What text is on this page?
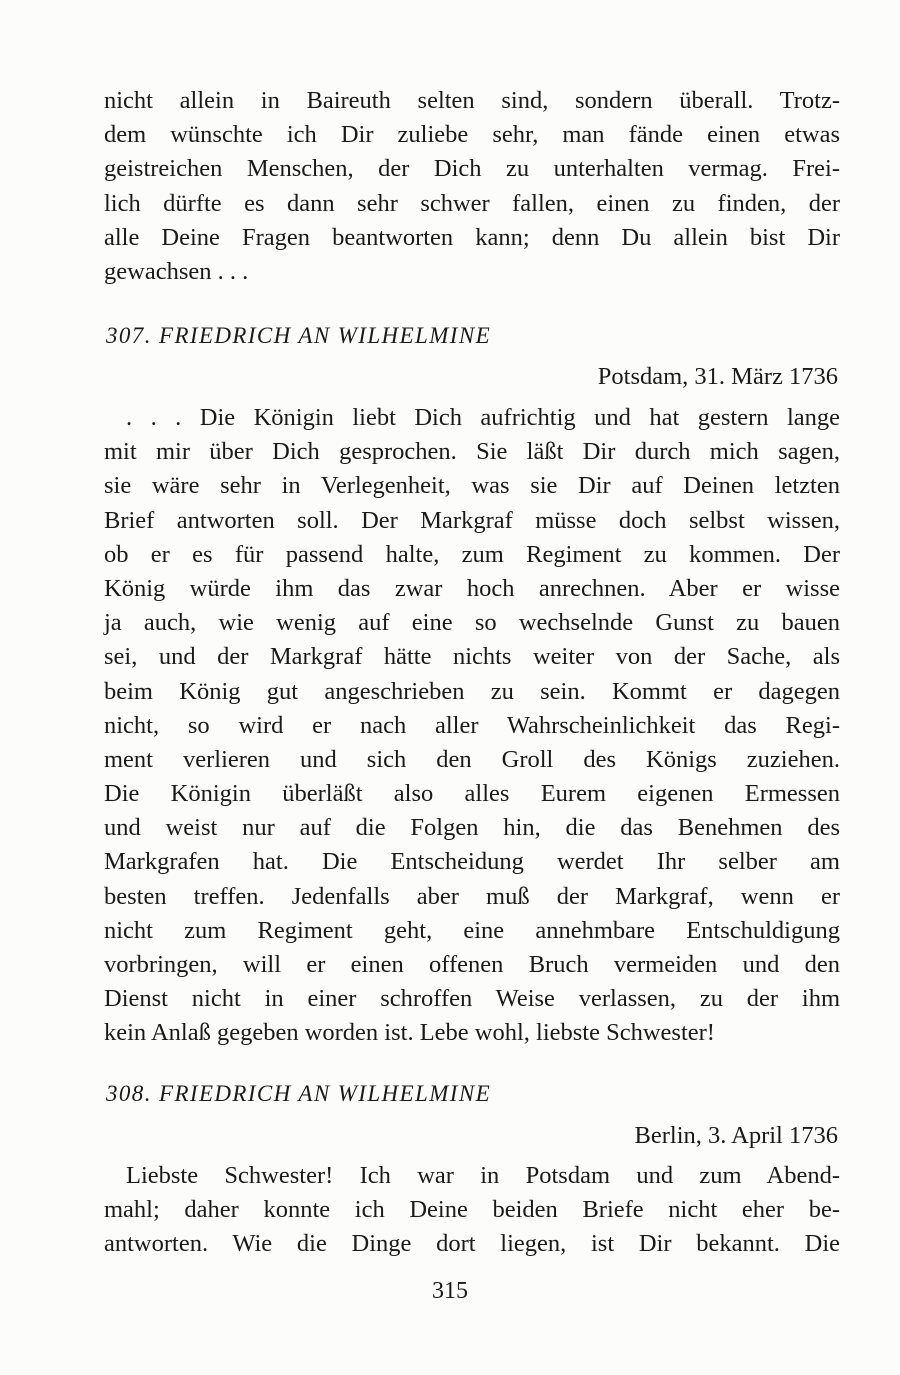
nicht allein in Baireuth selten sind, sondern überall. Trotz-
dem wünschte ich Dir zuliebe sehr, man fände einen etwas
geistreichen Menschen, der Dich zu unterhalten vermag. Frei-
lich dürfte es dann sehr schwer fallen, einen zu finden, der
alle Deine Fragen beantworten kann; denn Du allein bist Dir
gewachsen . . .
307. FRIEDRICH AN WILHELMINE
Potsdam, 31. März 1736
. . . Die Königin liebt Dich aufrichtig und hat gestern lange
mit mir über Dich gesprochen. Sie läßt Dir durch mich sagen,
sie wäre sehr in Verlegenheit, was sie Dir auf Deinen letzten
Brief antworten soll. Der Markgraf müsse doch selbst wissen,
ob er es für passend halte, zum Regiment zu kommen. Der
König würde ihm das zwar hoch anrechnen. Aber er wisse
ja auch, wie wenig auf eine so wechselnde Gunst zu bauen
sei, und der Markgraf hätte nichts weiter von der Sache, als
beim König gut angeschrieben zu sein. Kommt er dagegen
nicht, so wird er nach aller Wahrscheinlichkeit das Regi-
ment verlieren und sich den Groll des Königs zuziehen.
Die Königin überläßt also alles Eurem eigenen Ermessen
und weist nur auf die Folgen hin, die das Benehmen des
Markgrafen hat. Die Entscheidung werdet Ihr selber am
besten treffen. Jedenfalls aber muß der Markgraf, wenn er
nicht zum Regiment geht, eine annehmbare Entschuldigung
vorbringen, will er einen offenen Bruch vermeiden und den
Dienst nicht in einer schroffen Weise verlassen, zu der ihm
kein Anlaß gegeben worden ist. Lebe wohl, liebste Schwester!
308. FRIEDRICH AN WILHELMINE
Berlin, 3. April 1736
Liebste Schwester! Ich war in Potsdam und zum Abend-
mahl; daher konnte ich Deine beiden Briefe nicht eher be-
antworten. Wie die Dinge dort liegen, ist Dir bekannt. Die
315
